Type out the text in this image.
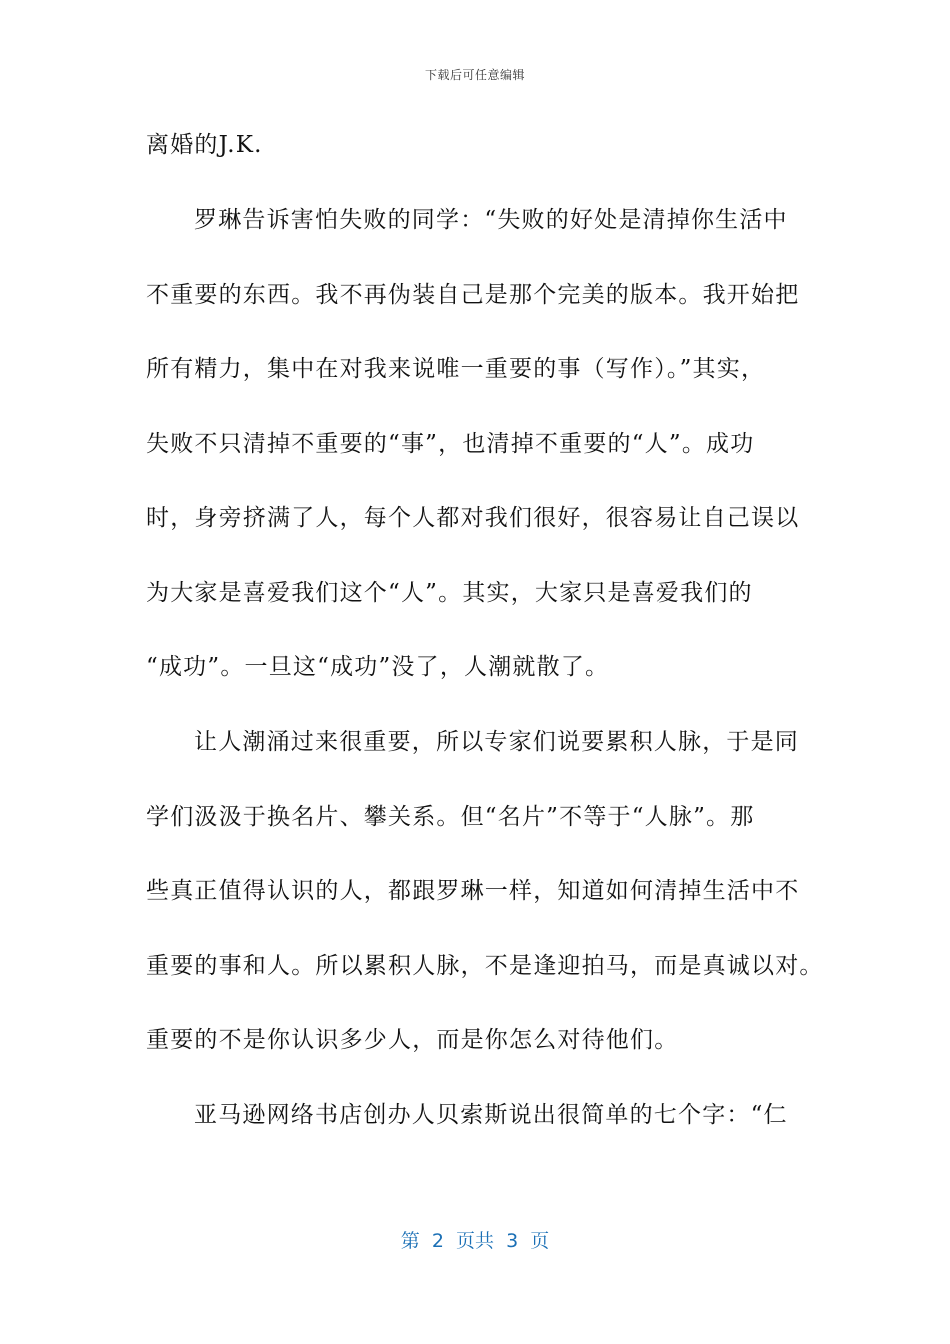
下载后可任意编辑
离婚的J.K.
罗琳告诉害怕失败的同学：“失败的好处是清掉你生活中
不重要的东西。我不再伪装自己是那个完美的版本。我开始把
所有精力，集中在对我来说唯一重要的事（写作）。”其实，
失败不只清掉不重要的“事”，也清掉不重要的“人”。成功
时，身旁挤满了人，每个人都对我们很好，很容易让自己误以
为大家是喜爱我们这个“人”。其实，大家只是喜爱我们的
“成功”。一旦这“成功”没了，人潮就散了。
让人潮涌过来很重要，所以专家们说要累积人脉，于是同
学们汲汲于换名片、攀关系。但“名片”不等于“人脉”。那
些真正值得认识的人，都跟罗琳一样，知道如何清掉生活中不
重要的事和人。所以累积人脉，不是逢迎拍马，而是真诚以对。
重要的不是你认识多少人，而是你怎么对待他们。
亚马逊网络书店创办人贝索斯说出很简单的七个字：“仁
第  2  页共  3  页
